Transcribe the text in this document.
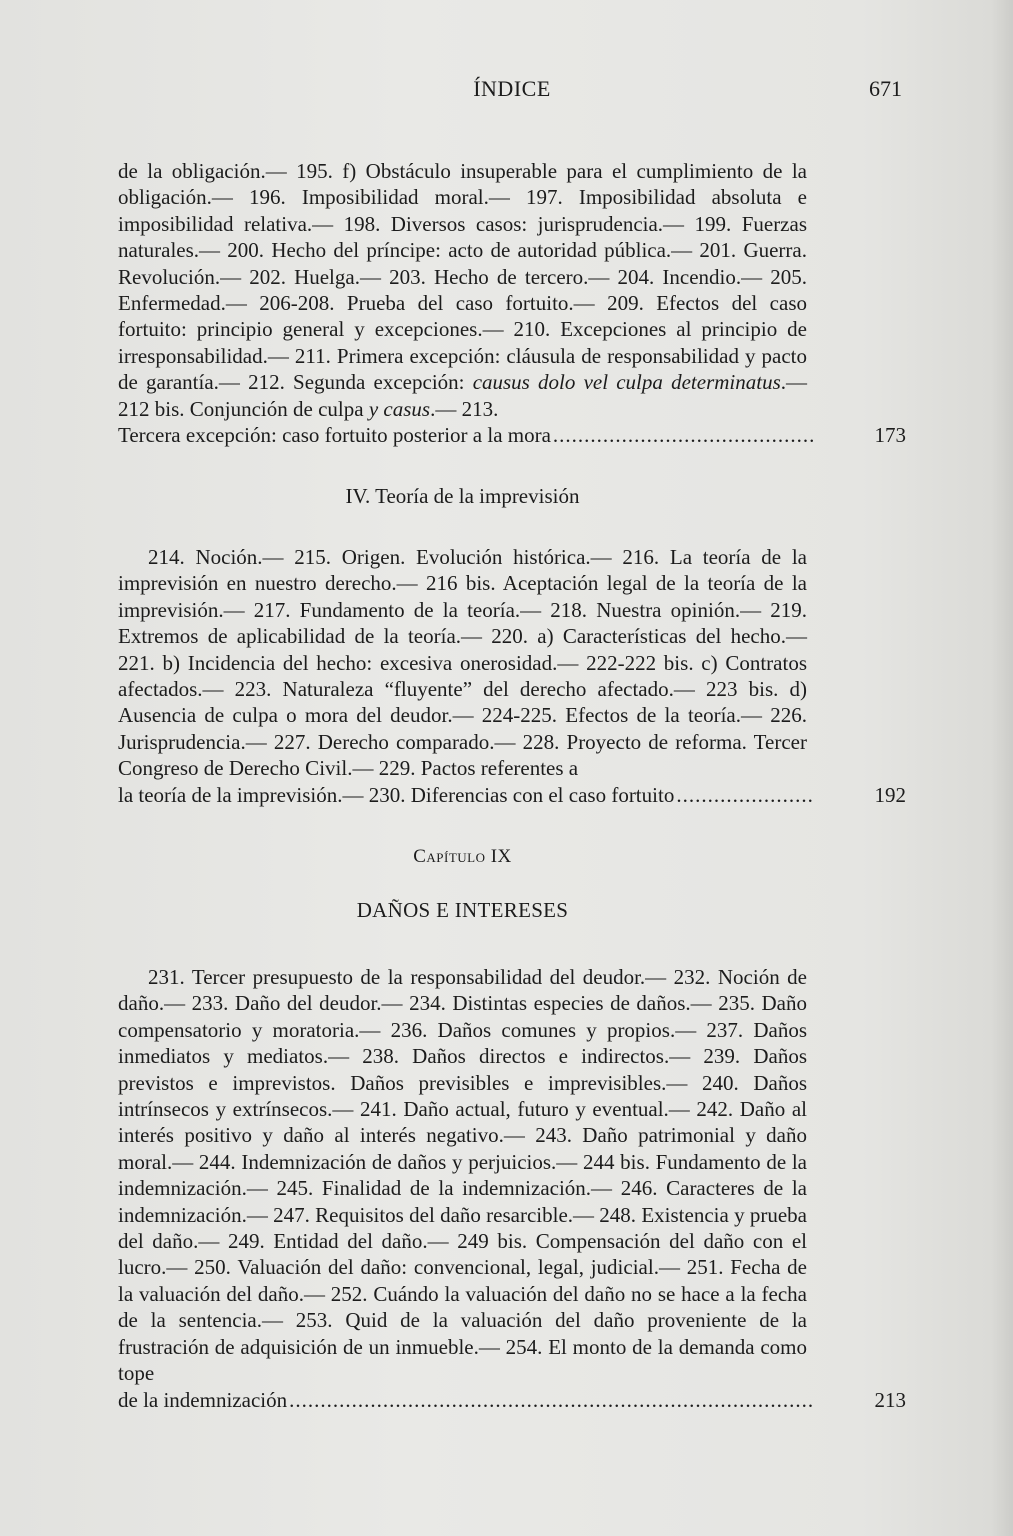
ÍNDICE	671

de la obligación.— 195. f) Obstáculo insuperable para el cumplimiento de la obligación.— 196. Imposibilidad moral.— 197. Imposibilidad absoluta e imposibilidad relativa.— 198. Diversos casos: jurisprudencia.— 199. Fuerzas naturales.— 200. Hecho del príncipe: acto de autoridad pública.— 201. Guerra. Revolución.— 202. Huelga.— 203. Hecho de tercero.— 204. Incendio.— 205. Enfermedad.— 206-208. Prueba del caso fortuito.— 209. Efectos del caso fortuito: principio general y excepciones.— 210. Excepciones al principio de irresponsabilidad.— 211. Primera excepción: cláusula de responsabilidad y pacto de garantía.— 212. Segunda excepción: causus dolo vel culpa determinatus.— 212 bis. Conjunción de culpa y casus.— 213.

Tercera excepción: caso fortuito posterior a la mora .....	173

IV. Teoría de la imprevisión

214. Noción.— 215. Origen. Evolución histórica.— 216. La teoría de la imprevisión en nuestro derecho.— 216 bis. Aceptación legal de la teoría de la imprevisión.— 217. Fundamento de la teoría.— 218. Nuestra opinión.— 219. Extremos de aplicabilidad de la teoría.— 220. a) Características del hecho.— 221. b) Incidencia del hecho: excesiva onerosidad.— 222-222 bis. c) Contratos afectados.— 223. Naturaleza “fluyente” del derecho afectado.— 223 bis. d) Ausencia de culpa o mora del deudor.— 224-225. Efectos de la teoría.— 226. Jurisprudencia.— 227. Derecho comparado.— 228. Proyecto de reforma. Tercer Congreso de Derecho Civil.— 229. Pactos referentes a

la teoría de la imprevisión.— 230. Diferencias con el caso fortuito .....	192

Capítulo IX

DAÑOS E INTERESES

231. Tercer presupuesto de la responsabilidad del deudor.— 232. Noción de daño.— 233. Daño del deudor.— 234. Distintas especies de daños.— 235. Daño compensatorio y moratoria.— 236. Daños comunes y propios.— 237. Daños inmediatos y mediatos.— 238. Daños directos e indirectos.— 239. Daños previstos e imprevistos. Daños previsibles e imprevisibles.— 240. Daños intrínsecos y extrínsecos.— 241. Daño actual, futuro y eventual.— 242. Daño al interés positivo y daño al interés negativo.— 243. Daño patrimonial y daño moral.— 244. Indemnización de daños y perjuicios.— 244 bis. Fundamento de la indemnización.— 245. Finalidad de la indemnización.— 246. Caracteres de la indemnización.— 247. Requisitos del daño resarcible.— 248. Existencia y prueba del daño.— 249. Entidad del daño.— 249 bis. Compensación del daño con el lucro.— 250. Valuación del daño: convencional, legal, judicial.— 251. Fecha de la valuación del daño.— 252. Cuándo la valuación del daño no se hace a la fecha de la sentencia.— 253. Quid de la valuación del daño proveniente de la frustración de adquisición de un inmueble.— 254. El monto de la demanda como tope

de la indemnización .....	213
